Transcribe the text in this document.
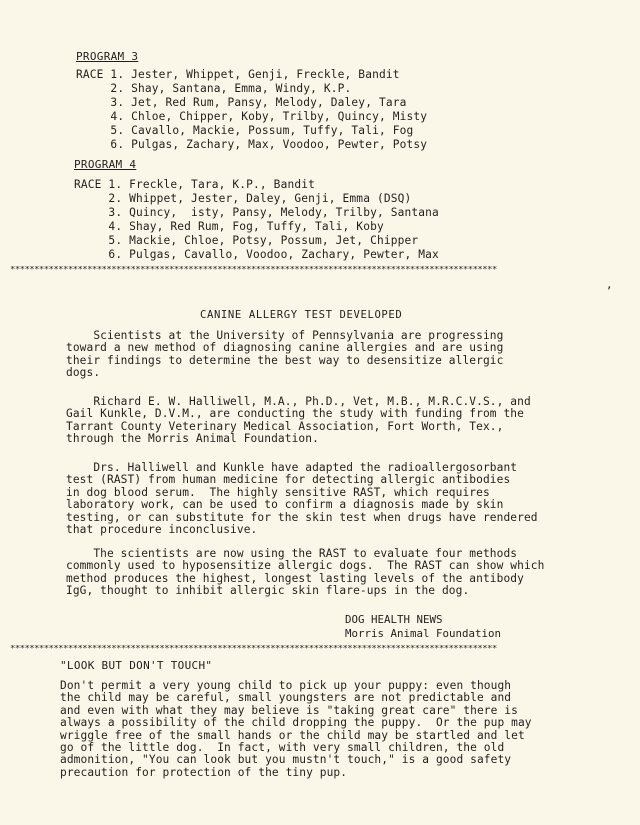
PROGRAM 3
RACE 1. Jester, Whippet, Genji, Freckle, Bandit
2. Shay, Santana, Emma, Windy, K.P.
3. Jet, Red Rum, Pansy, Melody, Daley, Tara
4. Chloe, Chipper, Koby, Trilby, Quincy, Misty
5. Cavallo, Mackie, Possum, Tuffy, Tali, Fog
6. Pulgas, Zachary, Max, Voodoo, Pewter, Potsy
PROGRAM 4
RACE 1. Freckle, Tara, K.P., Bandit
2. Whippet, Jester, Daley, Genji, Emma (DSQ)
3. Quincy,  isty, Pansy, Melody, Trilby, Santana
4. Shay, Red Rum, Fog, Tuffy, Tali, Koby
5. Mackie, Chloe, Potsy, Possum, Jet, Chipper
6. Pulgas, Cavallo, Voodoo, Zachary, Pewter, Max
*****************************************************************************************************
,
CANINE ALLERGY TEST DEVELOPED
Scientists at the University of Pennsylvania are progressing
toward a new method of diagnosing canine allergies and are using
their findings to determine the best way to desensitize allergic
dogs.
Richard E. W. Halliwell, M.A., Ph.D., Vet, M.B., M.R.C.V.S., and
Gail Kunkle, D.V.M., are conducting the study with funding from the
Tarrant County Veterinary Medical Association, Fort Worth, Tex.,
through the Morris Animal Foundation.
Drs. Halliwell and Kunkle have adapted the radioallergosorbant
test (RAST) from human medicine for detecting allergic antibodies
in dog blood serum.  The highly sensitive RAST, which requires
laboratory work, can be used to confirm a diagnosis made by skin
testing, or can substitute for the skin test when drugs have rendered
that procedure inconclusive.
The scientists are now using the RAST to evaluate four methods
commonly used to hyposensitize allergic dogs.  The RAST can show which
method produces the highest, longest lasting levels of the antibody
IgG, thought to inhibit allergic skin flare-ups in the dog.
DOG HEALTH NEWS
Morris Animal Foundation
*****************************************************************************************************
"LOOK BUT DON'T TOUCH"
Don't permit a very young child to pick up your puppy: even though
the child may be careful, small youngsters are not predictable and
and even with what they may believe is "taking great care" there is
always a possibility of the child dropping the puppy.  Or the pup may
wriggle free of the small hands or the child may be startled and let
go of the little dog.  In fact, with very small children, the old
admonition, "You can look but you mustn't touch," is a good safety
precaution for protection of the tiny pup.
